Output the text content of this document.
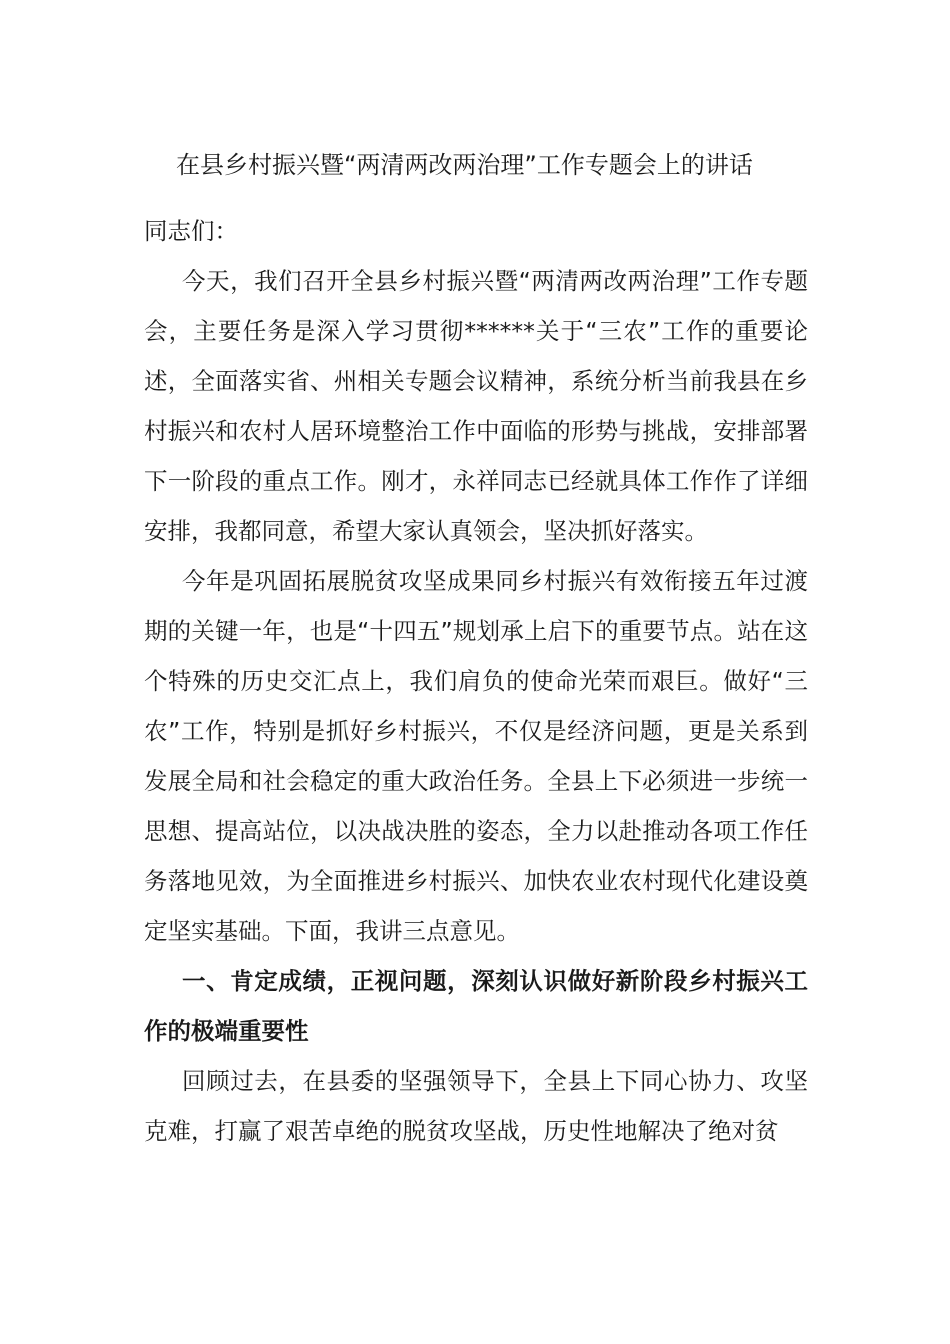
在县乡村振兴暨“两清两改两治理”工作专题会上的讲话

同志们：

今天，我们召开全县乡村振兴暨“两清两改两治理”工作专题会，主要任务是深入学习贯彻******关于“三农”工作的重要论述，全面落实省、州相关专题会议精神，系统分析当前我县在乡村振兴和农村人居环境整治工作中面临的形势与挑战，安排部署下一阶段的重点工作。刚才，永祥同志已经就具体工作作了详细安排，我都同意，希望大家认真领会，坚决抓好落实。

今年是巩固拓展脱贫攻坚成果同乡村振兴有效衔接五年过渡期的关键一年，也是“十四五”规划承上启下的重要节点。站在这个特殊的历史交汇点上，我们肩负的使命光荣而艰巨。做好“三农”工作，特别是抓好乡村振兴，不仅是经济问题，更是关系到发展全局和社会稳定的重大政治任务。全县上下必须进一步统一思想、提高站位，以决战决胜的姿态，全力以赴推动各项工作任务落地见效，为全面推进乡村振兴、加快农业农村现代化建设奠定坚实基础。下面，我讲三点意见。

一、肯定成绩，正视问题，深刻认识做好新阶段乡村振兴工作的极端重要性

回顾过去，在县委的坚强领导下，全县上下同心协力、攻坚克难，打赢了艰苦卓绝的脱贫攻坚战，历史性地解决了绝对贫
